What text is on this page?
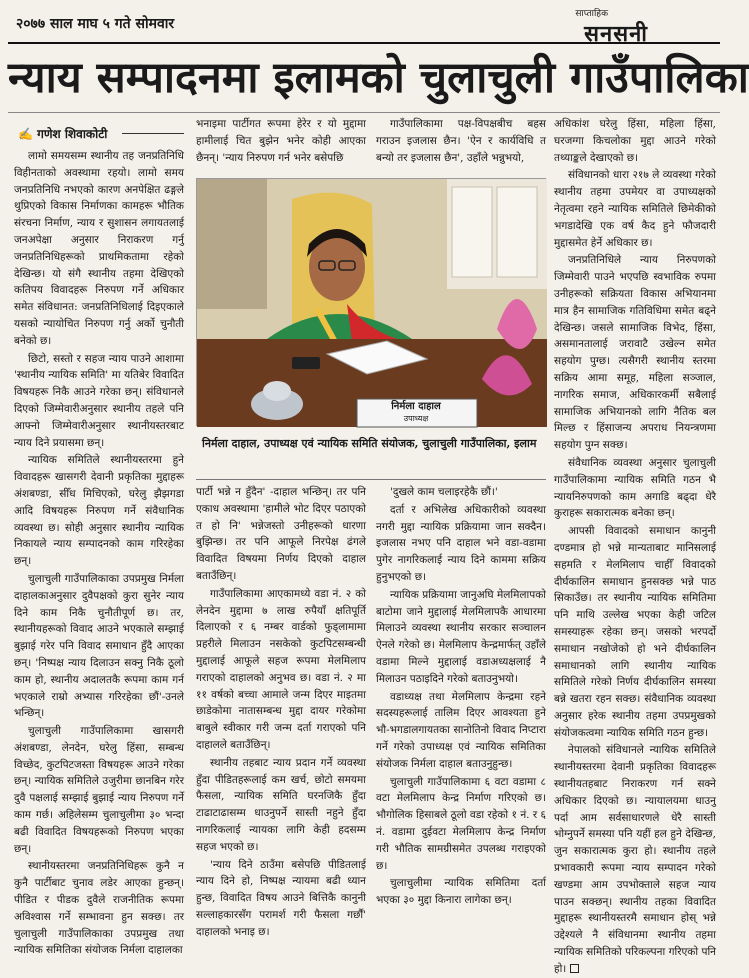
२०७७ साल माघ ५ गते सोमवार
साप्ताहिक
सनसनी
न्याय सम्पादनमा इलामको चुलाचुली गाउँपालिका
✍ गणेश शिवाकोटी

लामो समयसम्म स्थानीय तह जनप्रतिनिधि विहीनताको अवस्थामा रहयो। लामो समय जनप्रतिनिधि नभएको कारण अनपेक्षित ढङ्गले थुप्रिएको विकास निर्माणका कामहरू भौतिक संरचना निर्माण, न्याय र सुशासन लगायतलाई जनअपेक्षा अनुसार निराकरण गर्नु जनप्रतिनिधिहरूको प्राथमिकतामा रहेको देखिन्छ। यो संगै स्थानीय तहमा देखिएको कतिपय विवादहरू निरुपण गर्ने अधिकार समेत संविधानत: जनप्रतिनिधिलाई दिइएकाले यसको न्यायोचित निरुपण गर्नु अर्को चुनौती बनेको छ।

छिटो, सस्तो र सहज न्याय पाउने आशामा 'स्थानीय न्यायिक समिति' मा यतिबेर विवादित विषयहरू निकै आउने गरेका छन्। संविधानले दिएको जिम्मेवारीअनुसार स्थानीय तहले पनि आफ्नो जिम्मेवारीअनुसार स्थानीयस्तरबाट न्याय दिने प्रयासमा छन्।

न्यायिक समितिले स्थानीयस्तरमा हुने विवादहरू खासगरी देवानी प्रकृतिका मुद्दाहरू अंशबण्डा, सीँध मिचिएको, घरेलु झैझगडा आदि विषयहरू निरुपण गर्ने संवैधानिक व्यवस्था छ। सोही अनुसार स्थानीय न्यायिक निकायले न्याय सम्पादनको काम गरिरहेका छन्।

चुलाचुली गाउँपालिकाका उपप्रमुख निर्मला दाहालकाअनुसार दुवैपक्षको कुरा सुनेर न्याय दिने काम निकै चुनौतीपूर्ण छ। तर, स्थानीयहरूको विवाद आउने भएकाले सम्झाई बुझाई गरेर पनि विवाद समाधान हुँदै आएका छन्। 'निष्पक्ष न्याय दिलाउन सक्नु निकै ठूलो काम हो, स्थानीय अदालतकै रूपमा काम गर्न भएकाले राम्रो अभ्यास गरिरहेका छौं'-उनले भन्छिन्।

चुलाचुली गाउँपालिकामा खासगरी अंशबण्डा, लेनदेन, घरेलु हिंसा, सम्बन्ध विच्छेद, कुटपिटजस्ता विषयहरू आउने गरेका छन्। न्यायिक समितिले उजुरीमा छानबिन गरेर दुवै पक्षलाई सम्झाई बुझाई न्याय निरुपण गर्ने काम गर्छ। अहिलेसम्म चुलाचुलीमा ३० भन्दा बढी विवादित विषयहरूको निरुपण भएका छन्।

स्थानीयस्तरमा जनप्रतिनिधिहरू कुनै न कुनै पार्टीबाट चुनाव लडेर आएका हुन्छन्। पीडित र पीडक दुवैले राजनीतिक रूपमा अविश्वास गर्ने सम्भावना हुन सक्छ। तर चुलाचुली गाउँपालिकाका उपप्रमुख तथा न्यायिक समितिका संयोजक निर्मला दाहालका

भनाइमा पार्टीगत रूपमा हेरेर र यो मुद्दामा हामीलाई चित बुझेन भनेर कोही आएका छैनन्। 'न्याय निरुपण गर्न भनेर बसेपछि

गाउँपालिकामा पक्ष-विपक्षबीच बहस गराउन इजलास छैन। 'ऐन र कार्यविधि त बन्यो तर इजलास छैन', उहाँले भन्नुभयो,

निर्मला दाहाल
उपाध्यक्ष
निर्मला दाहाल, उपाध्यक्ष एवं न्यायिक समिति संयोजक, चुलाचुली गाउँपालिका, इलाम

पार्टी भन्ने न हुँदैन' -दाहाल भन्छिन्। तर पनि एकाध अवस्थामा 'हामीले भोट दिएर पठाएको त हो नि' भन्नेजस्तो उनीहरूको धारणा बुझिन्छ। तर पनि आफूले निरपेक्ष ढंगले विवादित विषयमा निर्णय दिएको दाहाल बताउँछिन्।

गाउँपालिकामा आएकामध्ये वडा नं. २ को लेनदेन मुद्दामा ७ लाख रुपैयाँ क्षतिपूर्ति दिलाएको र ६ नम्बर वार्डको फुड्लामामा प्रहरीले मिलाउन नसकेको कुटपिटसम्बन्धी मुद्दालाई आफूले सहज रूपमा मेलमिलाप गराएको दाहालको अनुभव छ। वडा नं. २ मा ११ वर्षको बच्चा आमाले जन्म दिएर माइतमा छाडेकोमा नातासम्बन्ध मुद्दा दायर गरेकोमा बाबुले स्वीकार गरी जन्म दर्ता गराएको पनि दाहालले बताउँछिन्।

स्थानीय तहबाट न्याय प्रदान गर्ने व्यवस्था हुँदा पीडितहरूलाई कम खर्च, छोटो समयमा फैसला, न्यायिक समिति घरनजिकै हुँदा टाढाटाढासम्म धाउनुपर्ने सास्ती नहुने हुँदा नागरिकलाई न्यायका लागि केही हदसम्म सहज भएको छ।

'न्याय दिने ठाउँमा बसेपछि पीडितलाई न्याय दिने हो, निष्पक्ष न्यायमा बढी ध्यान हुन्छ, विवादित विषय आउने बित्तिकै कानुनी सल्लाहकारसँग परामर्श गरी फैसला गर्छौं' दाहालको भनाइ छ।

'दुखले काम चलाइरहेकै छौं।'

दर्ता र अभिलेख अधिकारीको व्यवस्था नगरी मुद्दा न्यायिक प्रक्रियामा जान सक्दैन। इजलास नभए पनि दाहाल भने वडा-वडामा पुगेर नागरिकलाई न्याय दिने काममा सक्रिय हुनुभएको छ।

न्यायिक प्रक्रियामा जानुअघि मेलमिलापको बाटोमा जाने मुद्दालाई मेलमिलापकै आधारमा मिलाउने व्यवस्था स्थानीय सरकार सञ्चालन ऐनले गरेको छ। मेलमिलाप केन्द्रमार्फत् उहाँले वडामा मिल्ने मुद्दालाई वडाअध्यक्षलाई नै मिलाउन पठाइदिने गरेको बताउनुभयो।

वडाध्यक्ष तथा मेलमिलाप केन्द्रमा रहने सदस्यहरूलाई तालिम दिएर आवश्यता हुने भौ-भगडालगायतका सानोतिनो विवाद निप्टारा गर्ने गरेको उपाध्यक्ष एवं न्यायिक समितिका संयोजक निर्मला दाहाल बताउनुहुन्छ।

चुलाचुली गाउँपालिकामा ६ वटा वडामा ८ वटा मेलमिलाप केन्द्र निर्माण गरिएको छ। भौगोलिक हिसाबले ठूलो वडा रहेको १ नं. र ६ नं. वडामा दुईवटा मेलमिलाप केन्द्र निर्माण गरी भौतिक सामग्रीसमेत उपलब्ध गराइएको छ।

चुलाचुलीमा न्यायिक समितिमा दर्ता भएका ३० मुद्दा किनारा लागेका छन्।

अधिकांश घरेलु हिंसा, महिला हिंसा, घरजग्गा किचलोका मुद्दा आउने गरेको तथ्याङ्कले देखाएको छ।

संविधानको धारा २१७ ले व्यवस्था गरेको स्थानीय तहमा उपमेयर वा उपाध्यक्षको नेतृत्वमा रहने न्यायिक समितिले छिमेकीको भगडादेखि एक वर्ष कैद हुने फौजदारी मुद्दासमेत हेर्ने अधिकार छ।

जनप्रतिनिधिले न्याय निरुपणको जिम्मेवारी पाउने भएपछि स्वभाविक रुपमा उनीहरूको सक्रियता विकास अभियानमा मात्र हैन सामाजिक गतिविधिमा समेत बढ्ने देखिन्छ। जसले सामाजिक विभेद, हिंसा, असमानतालाई जरावाटै उखेल्न समेत सहयोग पुग्छ। त्यसैगरी स्थानीय स्तरमा सक्रिय आमा समूह, महिला सञ्जाल, नागरिक समाज, अधिकारकर्मी सबैलाई सामाजिक अभियानको लागि नैतिक बल मिल्छ र हिंसाजन्य अपराध नियन्त्रणमा सहयोग पुग्न सक्छ।

संवैधानिक व्यवस्था अनुसार चुलाचुली गाउँपालिकामा न्यायिक समिति गठन भै न्यायनिरुपणको काम अगाडि बढ्दा धेरै कुराहरू सकारात्मक बनेका छन्।

आपसी विवादको समाधान कानुनी दण्डमात्र हो भन्ने मान्यताबाट मानिसलाई सहमति र मेलमिलाप चाहीँ विवादको दीर्घकालिन समाधान हुनसक्छ भन्ने पाठ सिकाउँछ। तर स्थानीय न्यायिक समितिमा पनि माथि उल्लेख भएका केही जटिल समस्याहरू रहेका छन्। जसको भरपर्दो समाधान नखोजेको हो भने दीर्घकालिन समाधानको लागि स्थानीय न्यायिक समितिले गरेको निर्णय दीर्घकालिन समस्या बन्ने खतरा रहन सक्छ। संवैधानिक व्यवस्था अनुसार हरेक स्थानीय तहमा उपप्रमुखको संयोजकत्वमा न्यायिक समिति गठन हुन्छ।

नेपालको संविधानले न्यायिक समितिले स्थानीयस्तरमा देवानी प्रकृतिका विवादहरू स्थानीयतहबाट निराकरण गर्न सक्ने अधिकार दिएको छ। न्यायालयमा धाउनु पर्दा आम सर्वसाधारणले धेरै सास्ती भोग्नुपर्ने समस्या पनि यहीं हल हुने देखिन्छ, जुन सकारात्मक कुरा हो। स्थानीय तहले प्रभावकारी रूपमा न्याय सम्पादन गरेको खण्डमा आम उपभोक्ताले सहज न्याय पाउन सक्छन्। स्थानीय तहका विवादित मुद्दाहरू स्थानीयस्तरमै समाधान होस् भन्ने उद्देश्यले नै संविधानमा स्थानीय तहमा न्यायिक समितिको परिकल्पना गरिएको पनि हो।
